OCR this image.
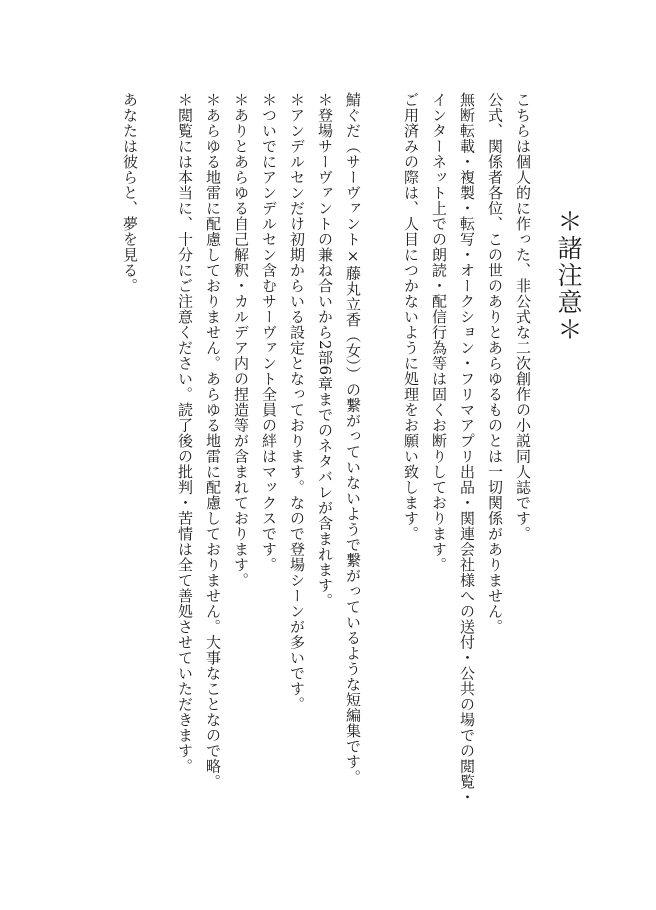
＊諸注意＊
こちらは個人的に作った、非公式な二次創作の小説同人誌です。
公式、関係者各位、この世のありとあらゆるものとは一切関係がありません。
無断転載・複製・転写・オークション・フリマアプリ出品・関連会社様への送付・公共の場での閲覧・
インターネット上での朗読・配信行為等は固くお断りしております。
ご用済みの際は、人目につかないように処理をお願い致します。
鯖ぐだ（サーヴァント×藤丸立香（女））の繋がっていないようで繋がっているような短編集です。
＊登場サーヴァントの兼ね合いから2部6章までのネタバレが含まれます。
＊アンデルセンだけ初期からいる設定となっております。なので登場シーンが多いです。
＊ついでにアンデルセン含むサーヴァント全員の絆はマックスです。
＊ありとあらゆる自己解釈・カルデア内の捏造等が含まれております。
＊あらゆる地雷に配慮しておりません。あらゆる地雷に配慮しておりません。大事なことなので略。
＊閲覧には本当に、十分にご注意ください。読了後の批判・苦情は全て善処させていただきます。
あなたは彼らと、夢を見る。
